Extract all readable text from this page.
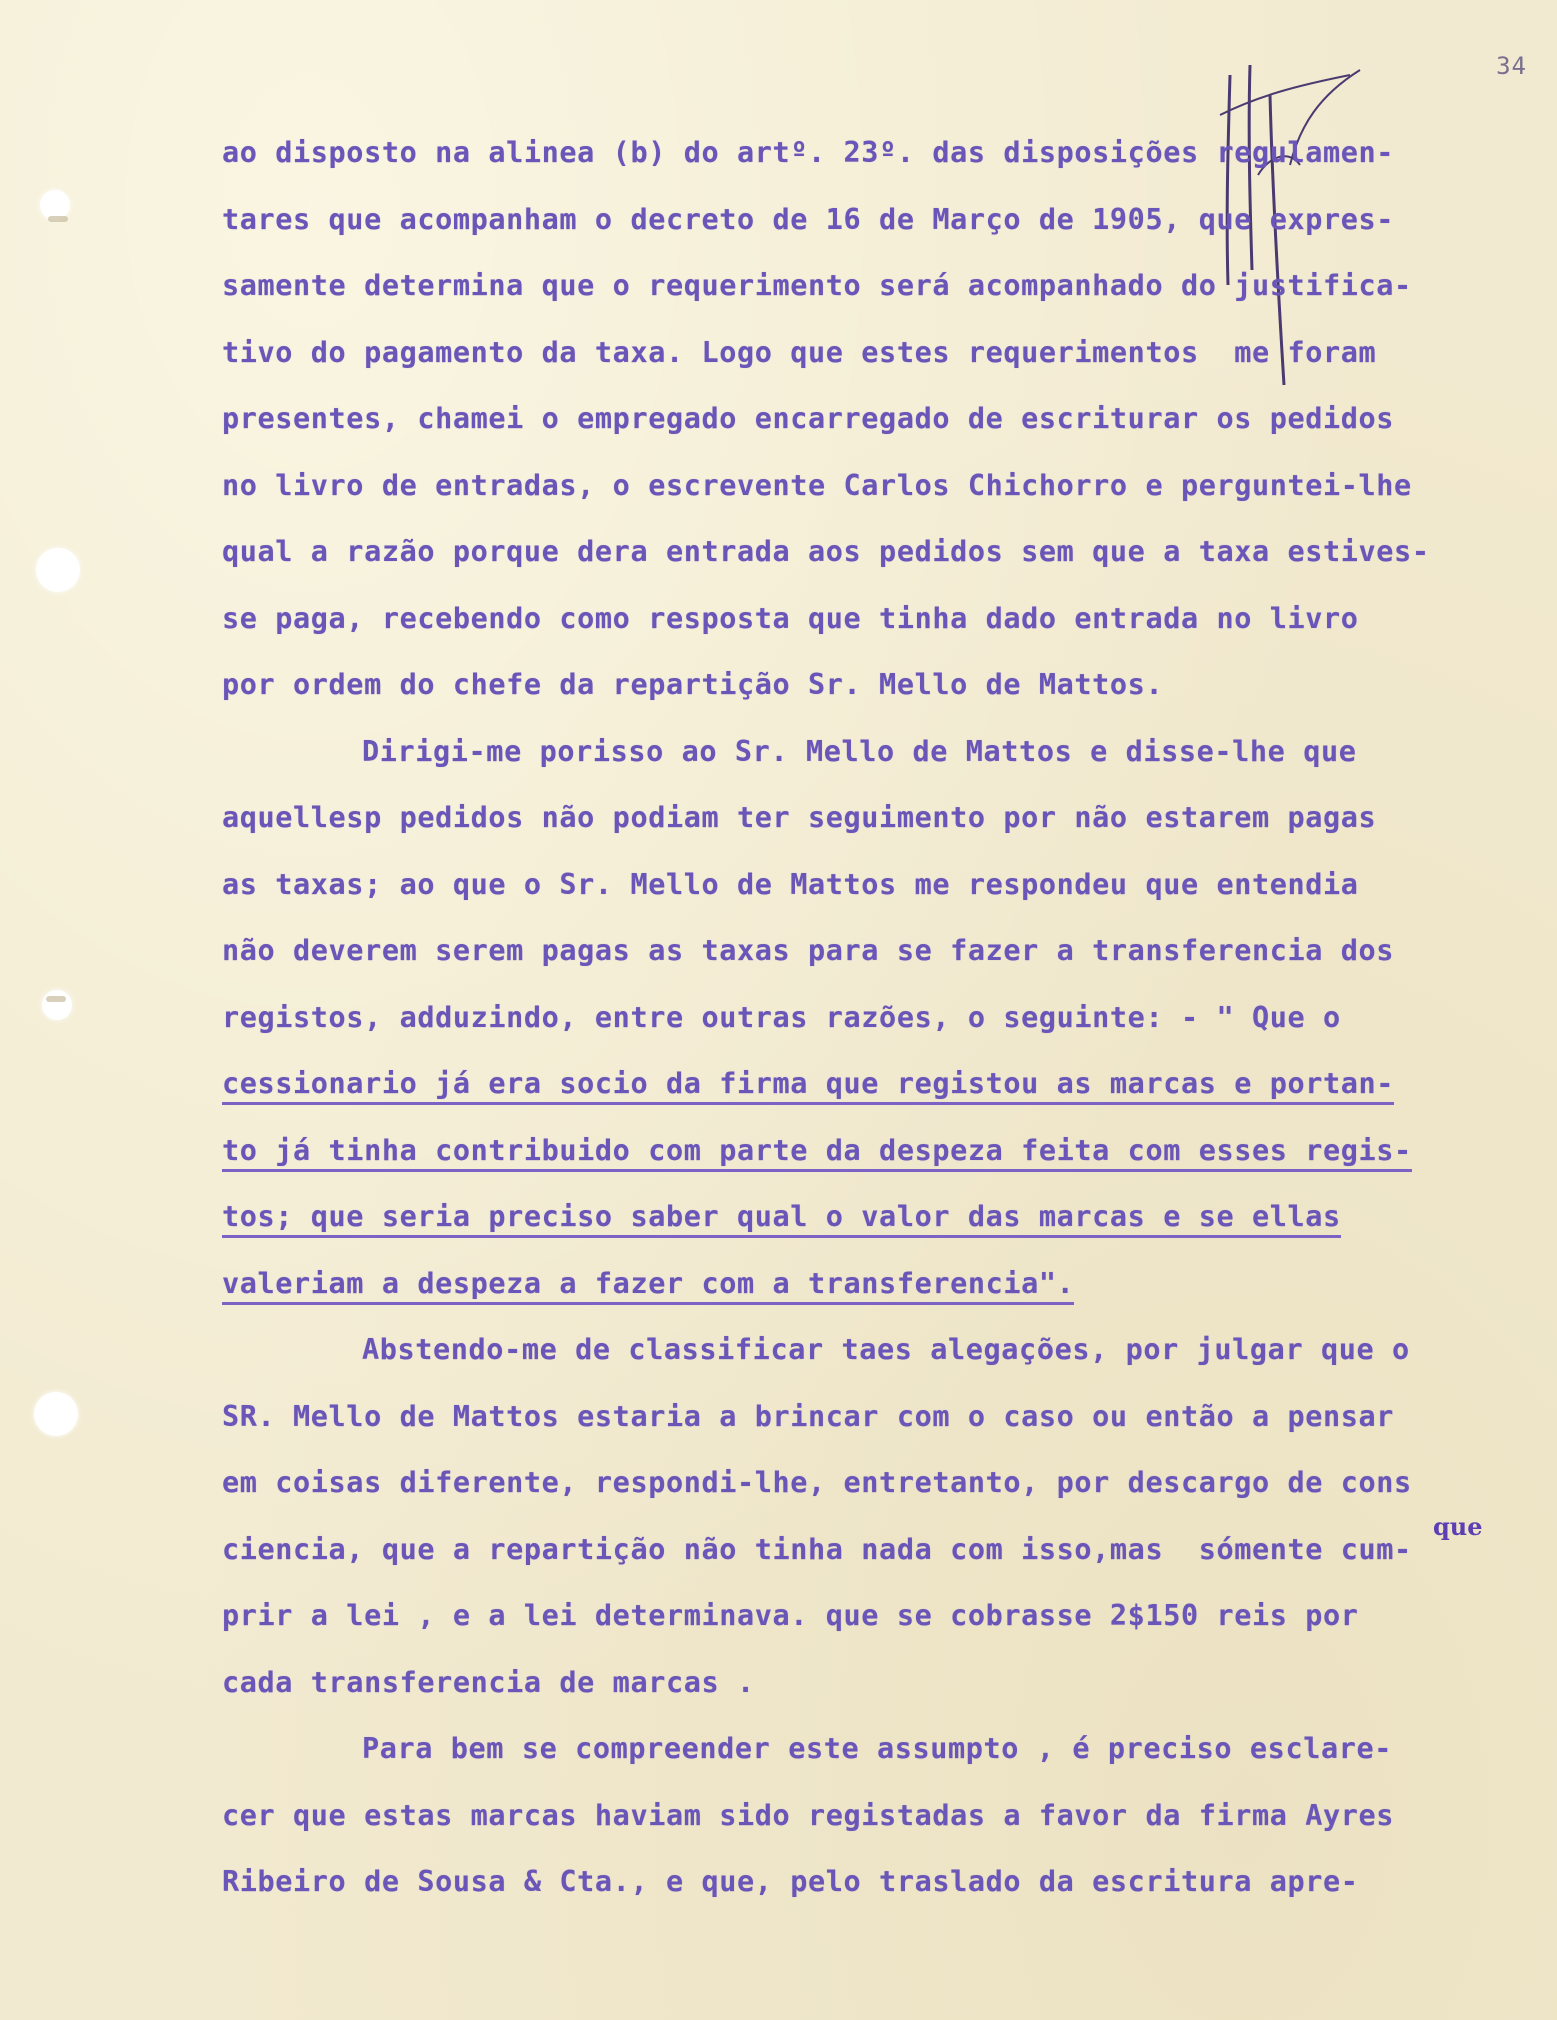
34
ao disposto na alinea (b) do artº. 23º. das disposições regulamen-
tares que acompanham o decreto de 16 de Março de 1905, que expres-
samente determina que o requerimento será acompanhado do justifica-
tivo do pagamento da taxa. Logo que estes requerimentos  me foram
presentes, chamei o empregado encarregado de escriturar os pedidos
no livro de entradas, o escrevente Carlos Chichorro e perguntei-lhe
qual a razão porque dera entrada aos pedidos sem que a taxa estives-
se paga, recebendo como resposta que tinha dado entrada no livro
por ordem do chefe da repartição Sr. Mello de Mattos.
Dirigi-me porisso ao Sr. Mello de Mattos e disse-lhe que
aquellesp pedidos não podiam ter seguimento por não estarem pagas
as taxas; ao que o Sr. Mello de Mattos me respondeu que entendia
não deverem serem pagas as taxas para se fazer a transferencia dos
registos, adduzindo, entre outras razões, o seguinte: - " Que o
cessionario já era socio da firma que registou as marcas e portan-
to já tinha contribuido com parte da despeza feita com esses regis-
tos; que seria preciso saber qual o valor das marcas e se ellas
valeriam a despeza a fazer com a transferencia".
Abstendo-me de classificar taes alegações, por julgar que o
SR. Mello de Mattos estaria a brincar com o caso ou então a pensar
em coisas diferente, respondi-lhe, entretanto, por descargo de cons
ciencia, que a repartição não tinha nada com isso,mas  sómente cum-
prir a lei , e a lei determinava. que se cobrasse 2$150 reis por
cada transferencia de marcas .
Para bem se compreender este assumpto , é preciso esclare-
cer que estas marcas haviam sido registadas a favor da firma Ayres
Ribeiro de Sousa & Cta., e que, pelo traslado da escritura apre-
que
